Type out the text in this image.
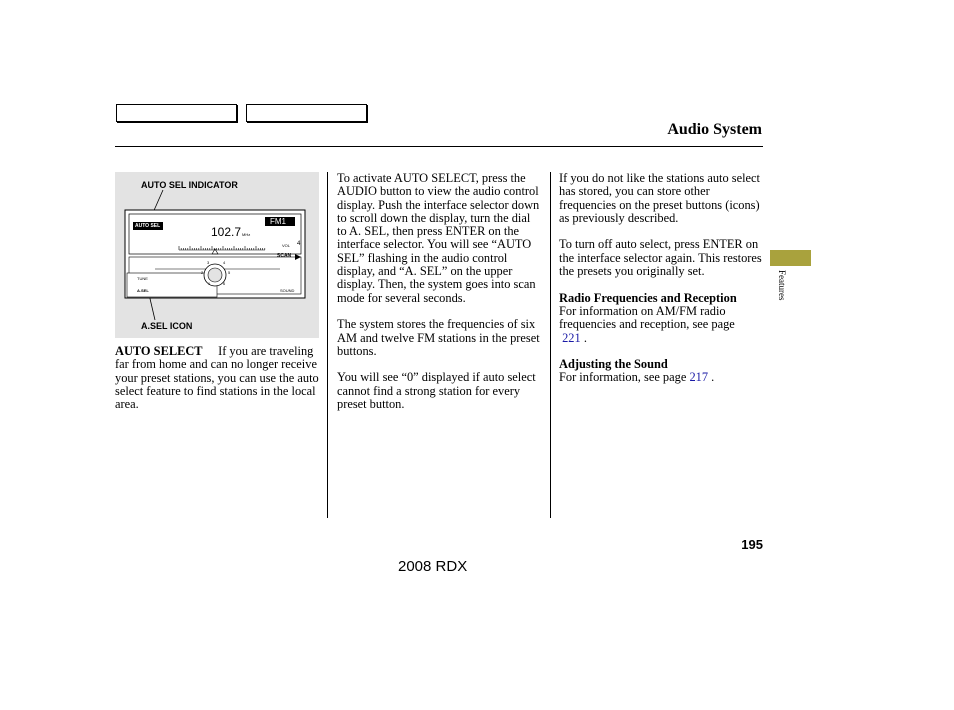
Audio System
AUTO SEL INDICATOR
A.SEL ICON
AUTO SEL	FM1
102.7 MHz
VOL 4
SCAN
TUNE
A.SEL	SOUND
3	4
2	5
1	6

AUTO SELECT If you are traveling far from home and can no longer receive your preset stations, you can use the auto select feature to find stations in the local area.

To activate AUTO SELECT, press the AUDIO button to view the audio control display. Push the interface selector down to scroll down the display, turn the dial to A. SEL, then press ENTER on the interface selector. You will see “AUTO SEL” flashing in the audio control display, and “A. SEL” on the upper display. Then, the system goes into scan mode for several seconds.

The system stores the frequencies of six AM and twelve FM stations in the preset buttons.

You will see “0” displayed if auto select cannot find a strong station for every preset button.

If you do not like the stations auto select has stored, you can store other frequencies on the preset buttons (icons) as previously described.

To turn off auto select, press ENTER on the interface selector again. This restores the presets you originally set.

Radio Frequencies and Reception

For information on AM/FM radio frequencies and reception, see page
221 .

Adjusting the Sound

For information, see page 217 .

Features
195
2008 RDX
